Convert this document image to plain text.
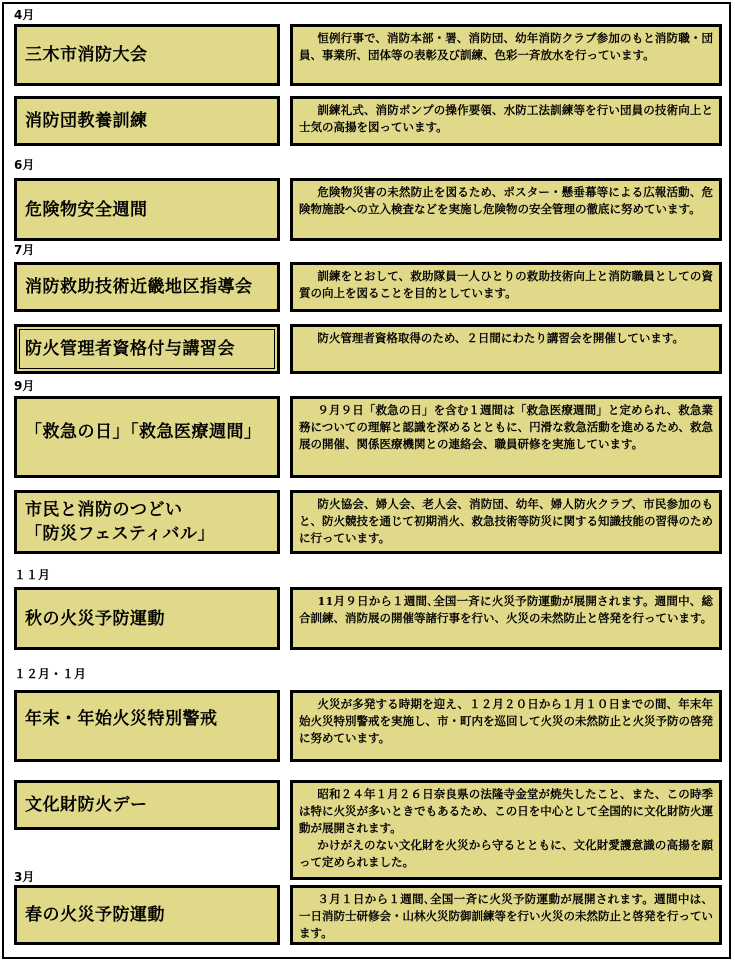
4月
6月
7月
9月
１１月
１２月・１月
3月
三木市消防大会

恒例行事で、消防本部・署、消防団、幼年消防クラブ参加のもと消防職・団員、事業所、団体等の表彰及び訓練、色彩一斉放水を行っています。

消防団教養訓練

訓練礼式、消防ポンプの操作要領、水防工法訓練等を行い団員の技術向上と士気の高揚を図っています。

危険物安全週間

危険物災害の未然防止を図るため、ポスター・懸垂幕等による広報活動、危険物施設への立入検査などを実施し危険物の安全管理の徹底に努めています。

消防救助技術近畿地区指導会

訓練をとおして、救助隊員一人ひとりの救助技術向上と消防職員としての資質の向上を図ることを目的としています。

防火管理者資格付与講習会

防火管理者資格取得のため、２日間にわたり講習会を開催しています。

「救急の日」「救急医療週間」

９月９日「救急の日」を含む１週間は「救急医療週間」と定められ、救急業務についての理解と認識を深めるとともに、円滑な救急活動を進めるため、救急展の開催、関係医療機関との連絡会、職員研修を実施しています。

市民と消防のつどい
「防災フェスティバル」

防火協会、婦人会、老人会、消防団、幼年、婦人防火クラブ、市民参加のもと、防火競技を通じて初期消火、救急技術等防災に関する知識技能の習得のために行っています。

秋の火災予防運動

11月９日から１週間､全国一斉に火災予防運動が展開されます。週間中、総合訓練、消防展の開催等諸行事を行い、火災の未然防止と啓発を行っています。

年末・年始火災特別警戒

火災が多発する時期を迎え、１２月２０日から１月１０日までの間、年末年始火災特別警戒を実施し、市・町内を巡回して火災の未然防止と火災予防の啓発に努めています。

文化財防火デー

昭和２４年１月２６日奈良県の法隆寺金堂が焼失したこと、また、この時季は特に火災が多いときでもあるため、この日を中心として全国的に文化財防火運動が展開されます。

かけがえのない文化財を火災から守るとともに、文化財愛護意識の高揚を願って定められました。

春の火災予防運動

３月１日から１週間､全国一斉に火災予防運動が展開されます。週間中は、一日消防士研修会・山林火災防御訓練等を行い火災の未然防止と啓発を行っています。
